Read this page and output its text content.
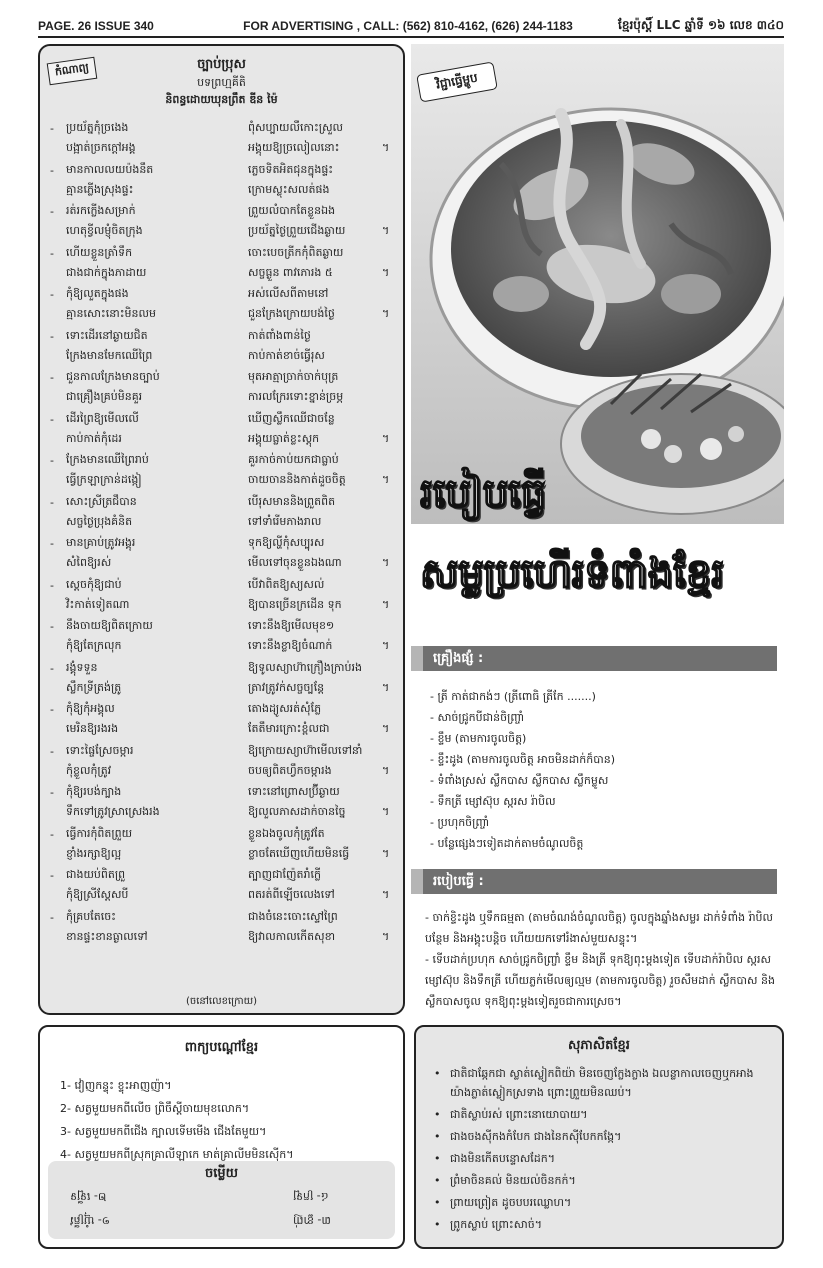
PAGE. 26 ISSUE 340	FOR ADVERTISING , CALL: (562) 810-4162, (626) 244-1183	ខ្មែរប៉ុស្តិ៍ LLC ឆ្នាំទី ១៦ លេខ ៣៤០
កំណាព្យ	ច្បាប់ប្រុស
បទព្រហ្មគីតិ
និពន្ធដោយឃុនព្រឹត ឌីន ម៉ៃ
- ប្រយ័ត្នកុំច្រងេង
បង្អាត់ច្រកក្ដៅអង្គ
ពុំសប្បាយលឺកោះស្រួល
អង្គុយឱ្យច្រលៀលនោះ	។
- មានកាលលយប៉ងនឹត
គ្មានភ្លើងស្រុងផ្ទះ
ភ្លេចទិតអិតជុនក្នុងផ្ទះ
ក្រោមស្លុះសលត់ផង
- រត់រកក្លើងសម្រាក់
ហេតុខ្វីលម្ញុំចិតក្រុង
ព្រួយលំបាកតែខ្លួនឯង
ប្រយ័ត្នថ្ងៃព្រួយជើងឆ្ងាយ	។
- ហើយខ្លួនត្រាំទឹក
ជាងជាក់ក្នុងភាដាយ
ចោះបេចត្រីកកុំពិតឆ្ងាយ
សច្ចធ្ងួន ពាវភោរង ៥	។
- កុំឱ្យលួតក្នុងផង
គ្មានសោះនោះមិនលម
អស់លើសពីតាមនៅ
ជួនក្រែងក្រោយបង់ថ្ងៃ	។
- ទោះដើរនៅឆ្ងាយជិត
ក្រែងមានមែកឈើព្រៃ
កាត់ពាំងពាន់ថ្ងៃ
កាប់កាត់ខាច់ធ្វើរុស
- ជួនកាលក្រែងមានច្បាប់
ជាគ្រឿងគ្រប់មិនគួរ
មុតអាត្មាច្រាក់ចាក់បុត្រ
ការលក្រែរទោះខ្នាន់ច្រម្ភ
- ដើរព្រៃឱ្យមើលលើ
កាប់កាត់កុំដេរ
ឃើញស្លឹកឈើជាចន្លែ
អង្គុយធ្លាត់ខ្លះស្តុក	។
- ក្រែងមានឈើព្រៃរាប់
ធ្វើក្រឡាក្រាន់ដង្កៀ
គួរកាច់កាប់យកជាធ្លាប់
ចាយចាននិងកាត់ដួចចិត្ត	។
- សោះស្រីត្រជឹបាន
សច្ចថ្ងៃប្រុងគំនិត
បើរុសមាននិងព្រួតពិត
ទៅទាំរើមភាងរាល
- មានគ្រាប់ត្រូវអង្គុរ
សំពៃឱ្យរស់
ទុកឱ្យល្ហីកុំសប្បុរស
មើលទៅចុនខ្លួនឯងណា	។
- ស្ដេចកុំឱ្យជាប់
វិះកាត់ទៀតណា
បើវាពិតឱ្យស្យសល់
ឱ្យបានច្រើនក្រដើន ទុក	។
- នឹងចាយឱ្យពិតក្រោយ
កុំឱ្យតែក្រលុក
ទោះនឹងឱ្យមើលមុខ១
ទោះនឹងខ្លាឱ្យចំណាក់	។
- រង្គុំទទួន
ស្លឹកទ្រីត្រង់ត្រូ
ឱ្យទូលស្យាហ៊ាក្រឿងក្រាប់រង
ត្រាវត្រូវក់សច្ចច្បន្តែ	។
- កុំឱ្យកុំអង្គុល
មេរិនឱ្យរងរង
តោងដ្យូសរត់សុំភ្លែ
តែតឹមារក្រោះខ្ពំលជា	។
- ទោះផ្ចៃស្រែចម្ការ
កុំខ្លួលកុំត្រូវ
ឱ្យក្រោយស្យាហ៊ាមើលទៅនាំ
ចបឲ្យពិតហ្វឹកចម្ការង	។
- កុំឱ្យរបង់ក្បាង
ទឹកទៅត្រូវស្រាស្រេងរង
ទោះនៅព្រោសប្រ៊ីឆ្ងាយ
ឱ្យលួលភាសដាក់ចានច្នៃ	។
- ធ្វើការកុំពិតព្រួយ
ខ្ញាំងរក្សាឱ្យល្អ
ខ្លួនឯងចូលកុំត្រូវតែ
ខ្លាចតែឃើញហើយមិនធ្វើ	។
- ជាងយប់ពិតព្រួ
កុំឱ្យស្រីស្ដែសបី
ត្បាញជាញ៉ែតរាំក្លើ
ពតរត់ពីឡើចលេងទៅ	។
- កុំគ្របតែចេះ
ខានផ្ទះខានធ្ងាលទៅ
ជាងចំនេះចោះស្ទៅព្រៃ
ឱ្យវាលកាលកើតសុខា	។
(ចនៅលេខក្រោយ)
វិជ្ជាធ្វើម្ហូប
របៀបធ្វើ
សម្លប្រហើរទំពាំងខ្មែរ
គ្រឿងផ្សំ :
- ត្រី កាត់ជាកង់ៗ (ត្រីពោធិ ត្រីកែ .......)
- សាច់ជ្រូកបីជាន់ចិញ្ច្រាំ
- ខ្ទឹម (តាមការចូលចិត្ត)
- ខ្ទឹះដូង (តាមការចូលចិត្ត អាចមិនដាក់ក៏បាន)
- ទំពាំងស្រស់ ស្លឹកបាស ស្លឹកបាស ស្លឹកម្លូស
- ទឹកត្រី ម្សៅស៊ុប ស្ករស រ៉ាបិល
- ប្រហុកចិញ្ច្រាំ
- បន្លែផ្សេងៗទៀតដាក់តាមចំណូលចិត្ត
របៀបធ្វើ :
- ចាក់ខ្ទិះដូង ឬទឹកធម្មតា (តាមចំណង់ចំណូលចិត្ត) ចូលក្នុងឆ្នាំងសម្លរ ដាក់ទំពាំង រ៉ាបិល បន្ថែម និងអង្គុះបន្តិច ហើយយកទៅរំងាស់មួយសន្ទុះ។
- ទើបដាក់ប្រហុក សាច់ជ្រូកចិញ្ច្រាំ ខ្ទឹម និងត្រី ទុកឱ្យពុះម្ដងទៀត ទើបដាក់រ៉ាបិល ស្ករស ម្សៅស៊ុប និងទឹកត្រី ហើយភ្លក់មើលឲ្យល្មម (តាមការចូលចិត្ត) រួចសឹមដាក់ ស្លឹកបាស និងស្លឹកបាសចូល ទុកឱ្យពុះម្ដងទៀតរួចជាការស្រេច។
ពាក្យបណ្ដៅខ្មែរ
1- វៀញកន្ទុះ ខ្ទុះអាញញ៉ា។
2- សត្វមួយមកពីលើច ព្រិចឹស្តីចាយមុខលោក។
3- សត្វមួយមកពីជើង ក្បាលទើមមើង ជើងតែមួយ។
4- សត្វមួយមកពីស្រុកគ្រាលីឡាកេ មាត់គ្រាលីមមិនស៊ើក។
ចម្លើយ
១- ឃ្មុំត្រីវ
២- ឡើទ
៣- ខ្លាញ់
៤- ក្រឡ
សុភាសិតខ្មែរ
• ជាតិជាឆ្កែកជា ស្លាត់ស្លៀកពិយ៉ា មិនចេញក្លែងក្លាង ឯលន្លាកាលចេញឬកអាង យ៉ាងភ្លាត់ស្លៀកស្រទាង ព្រោះព្រួយមិនឈប់។
• ជាតិស្លាប់រស់ ព្រោះនោយោបាយ។
• ជាងចងស៊ីកងកំបែក ជាងនៃកស៊ីបែកកង្កែ។
• ជាងមិនកើតបន្ទោសដែក។
• ព្រំមាចិនគល់ មិនយល់ចិនកក់។
• ព្រាយព្រៀត ដូចបបរឈ្លោហ។
• ព្រូកស្លាប់ ព្រោះសាច់។
